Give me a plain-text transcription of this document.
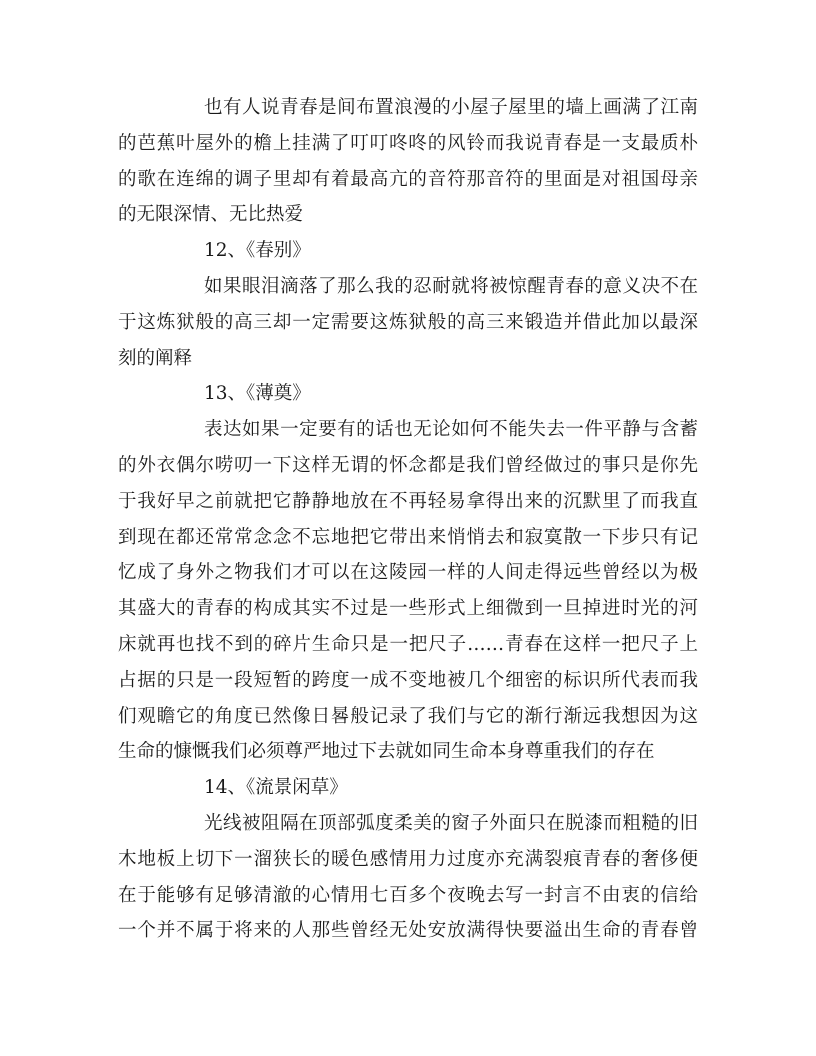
也有人说青春是间布置浪漫的小屋子屋里的墙上画满了江南
的芭蕉叶屋外的檐上挂满了叮叮咚咚的风铃而我说青春是一支最质朴
的歌在连绵的调子里却有着最高亢的音符那音符的里面是对祖国母亲
的无限深情、无比热爱
12、《春别》
如果眼泪滴落了那么我的忍耐就将被惊醒青春的意义决不在
于这炼狱般的高三却一定需要这炼狱般的高三来锻造并借此加以最深
刻的阐释
13、《薄奠》
表达如果一定要有的话也无论如何不能失去一件平静与含蓄
的外衣偶尔唠叨一下这样无谓的怀念都是我们曾经做过的事只是你先
于我好早之前就把它静静地放在不再轻易拿得出来的沉默里了而我直
到现在都还常常念念不忘地把它带出来悄悄去和寂寞散一下步只有记
忆成了身外之物我们才可以在这陵园一样的人间走得远些曾经以为极
其盛大的青春的构成其实不过是一些形式上细微到一旦掉进时光的河
床就再也找不到的碎片生命只是一把尺子……青春在这样一把尺子上
占据的只是一段短暂的跨度一成不变地被几个细密的标识所代表而我
们观瞻它的角度已然像日晷般记录了我们与它的渐行渐远我想因为这
生命的慷慨我们必须尊严地过下去就如同生命本身尊重我们的存在
14、《流景闲草》
光线被阻隔在顶部弧度柔美的窗子外面只在脱漆而粗糙的旧
木地板上切下一溜狭长的暖色感情用力过度亦充满裂痕青春的奢侈便
在于能够有足够清澈的心情用七百多个夜晚去写一封言不由衷的信给
一个并不属于将来的人那些曾经无处安放满得快要溢出生命的青春曾
